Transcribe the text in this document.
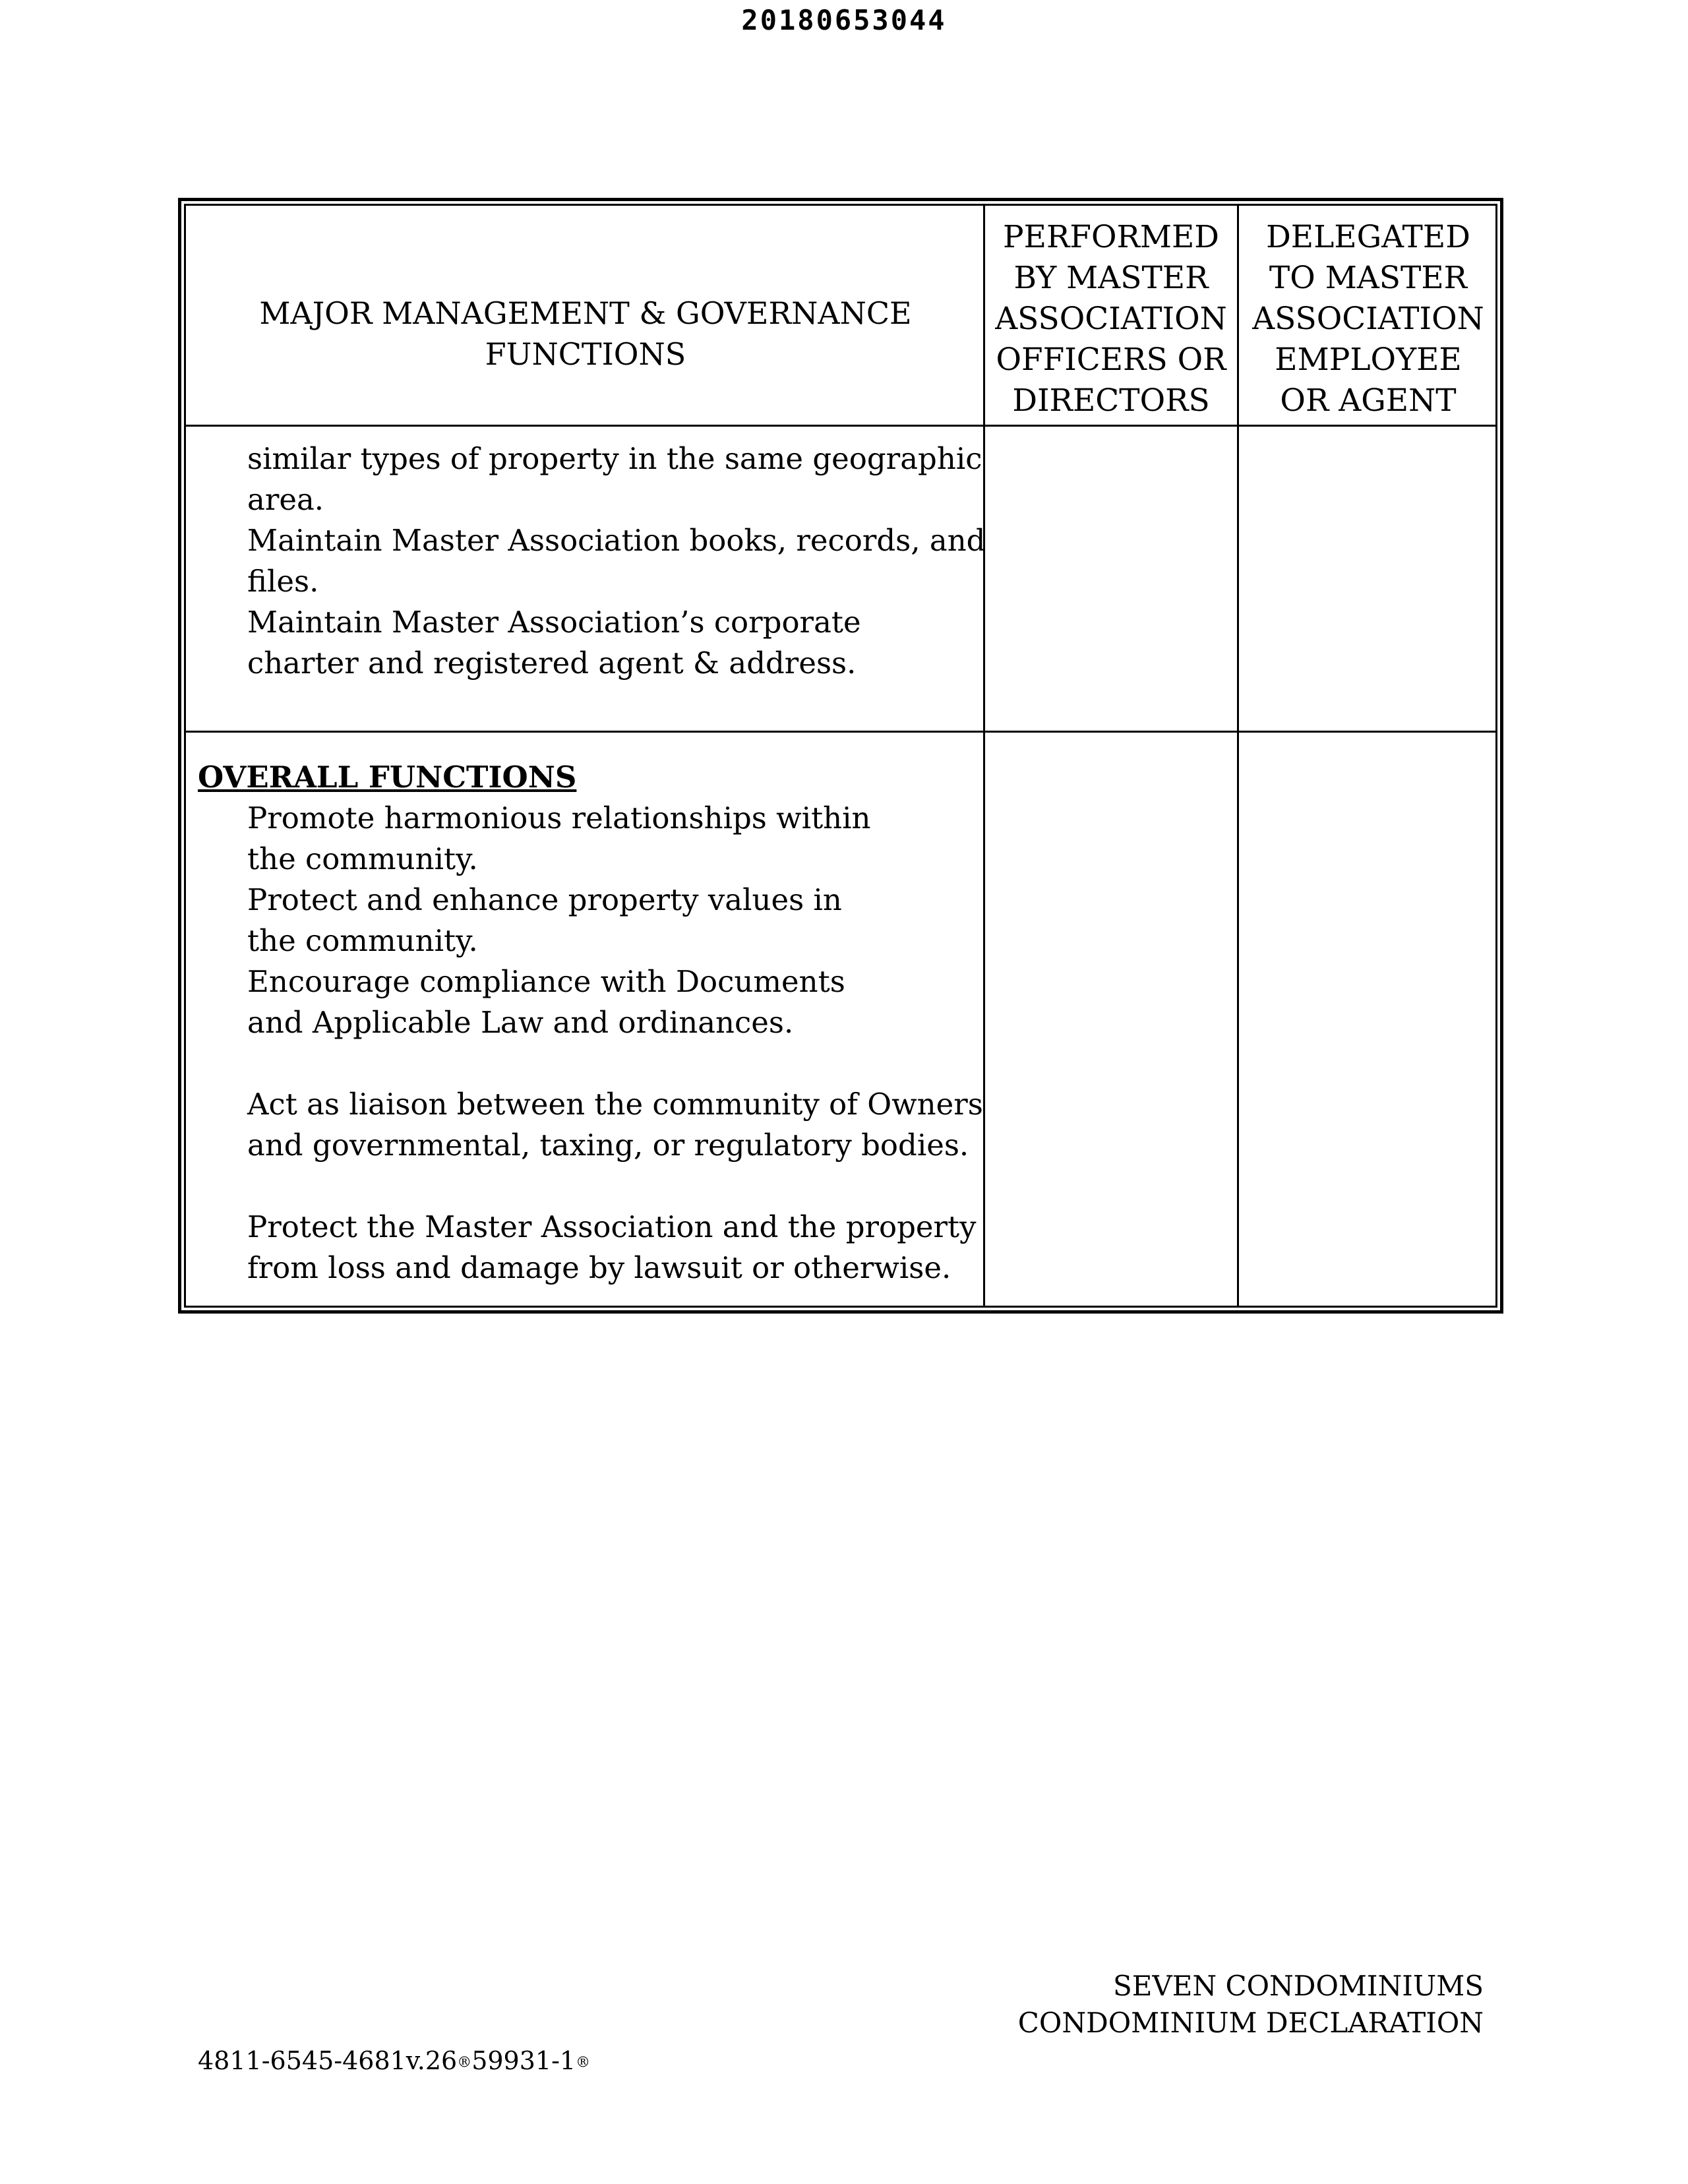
20180653044
MAJOR MANAGEMENT & GOVERNANCE FUNCTIONS
PERFORMED BY MASTER ASSOCIATION OFFICERS OR DIRECTORS
DELEGATED TO MASTER ASSOCIATION EMPLOYEE OR AGENT
similar types of property in the same geographic area.
Maintain Master Association books, records, and files.
Maintain Master Association’s corporate charter and registered agent & address.
OVERALL FUNCTIONS
Promote harmonious relationships within the community.
Protect and enhance property values in the community.
Encourage compliance with Documents and Applicable Law and ordinances.
Act as liaison between the community of Owners and governmental, taxing, or regulatory bodies.
Protect the Master Association and the property from loss and damage by lawsuit or otherwise.
SEVEN CONDOMINIUMS
CONDOMINIUM DECLARATION
4811-6545-4681v.26®59931-1®
